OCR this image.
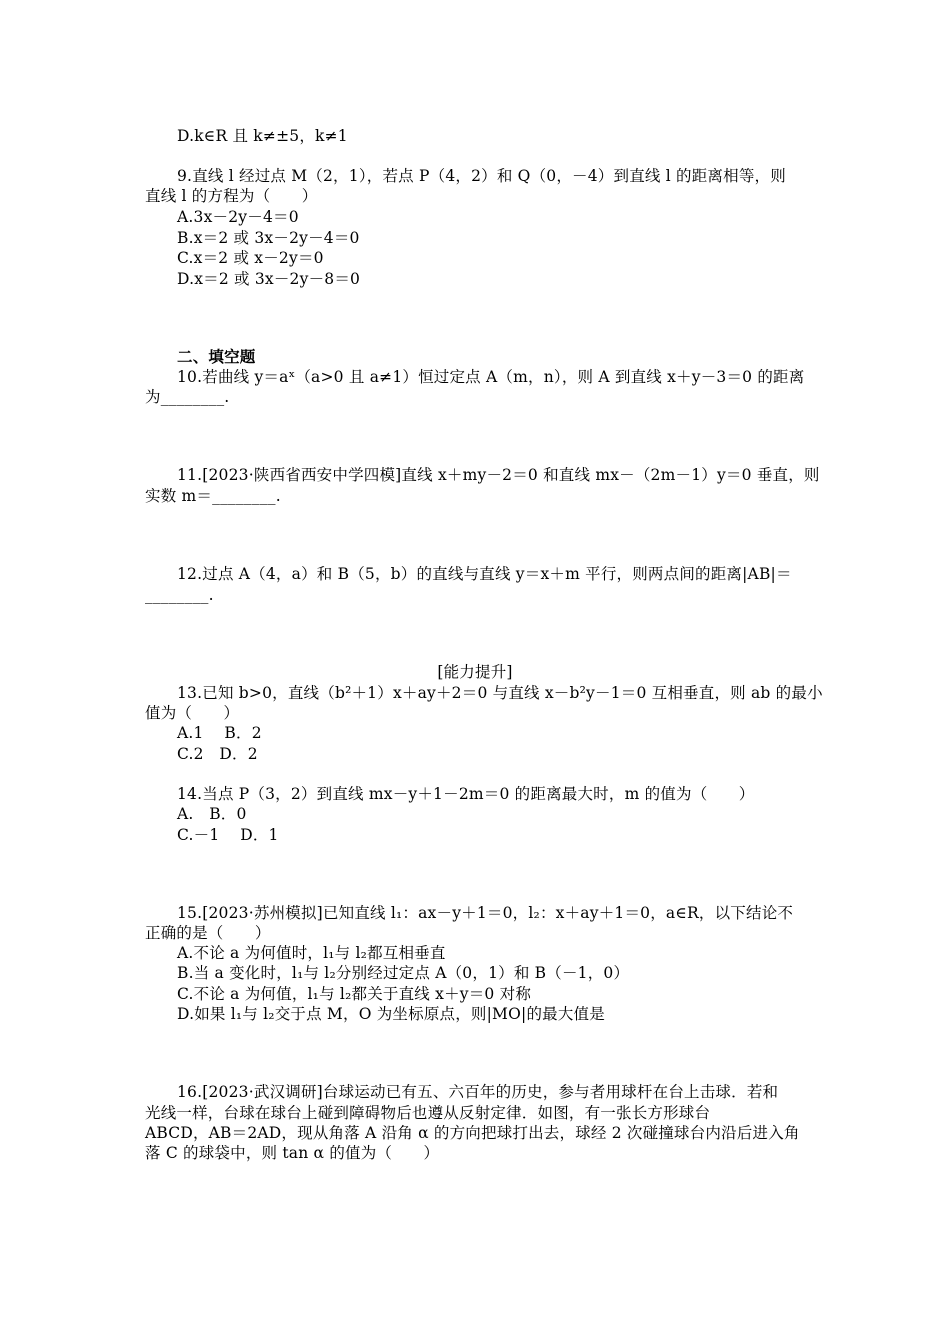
D.k∈R 且 k≠±5，k≠1
9.直线 l 经过点 M（2，1），若点 P（4，2）和 Q（0，－4）到直线 l 的距离相等，则
直线 l 的方程为（　　）
A.3x－2y－4＝0
B.x＝2 或 3x－2y－4＝0
C.x＝2 或 x－2y＝0
D.x＝2 或 3x－2y－8＝0
二、填空题
10.若曲线 y＝aˣ（a>0 且 a≠1）恒过定点 A（m，n），则 A 到直线 x＋y－3＝0 的距离
为________.
11.[2023·陕西省西安中学四模]直线 x＋my－2＝0 和直线 mx－（2m－1）y＝0 垂直，则
实数 m＝________.
12.过点 A（4，a）和 B（5，b）的直线与直线 y＝x＋m 平行，则两点间的距离|AB|＝
________.
[能力提升]
13.已知 b>0，直线（b²＋1）x＋ay＋2＝0 与直线 x－b²y－1＝0 互相垂直，则 ab 的最小
值为（　　）
A.1　 B．2
C.2　D．2
14.当点 P（3，2）到直线 mx－y＋1－2m＝0 的距离最大时，m 的值为（　　）
A.　B．0
C.－1　 D．1
15.[2023·苏州模拟]已知直线 l₁：ax－y＋1＝0，l₂：x＋ay＋1＝0，a∈R，以下结论不
正确的是（　　）
A.不论 a 为何值时，l₁与 l₂都互相垂直
B.当 a 变化时，l₁与 l₂分别经过定点 A（0，1）和 B（－1，0）
C.不论 a 为何值，l₁与 l₂都关于直线 x＋y＝0 对称
D.如果 l₁与 l₂交于点 M，O 为坐标原点，则|MO|的最大值是
16.[2023·武汉调研]台球运动已有五、六百年的历史，参与者用球杆在台上击球．若和
光线一样，台球在球台上碰到障碍物后也遵从反射定律．如图，有一张长方形球台
ABCD，AB＝2AD，现从角落 A 沿角 α 的方向把球打出去，球经 2 次碰撞球台内沿后进入角
落 C 的球袋中，则 tan α 的值为（　　）
